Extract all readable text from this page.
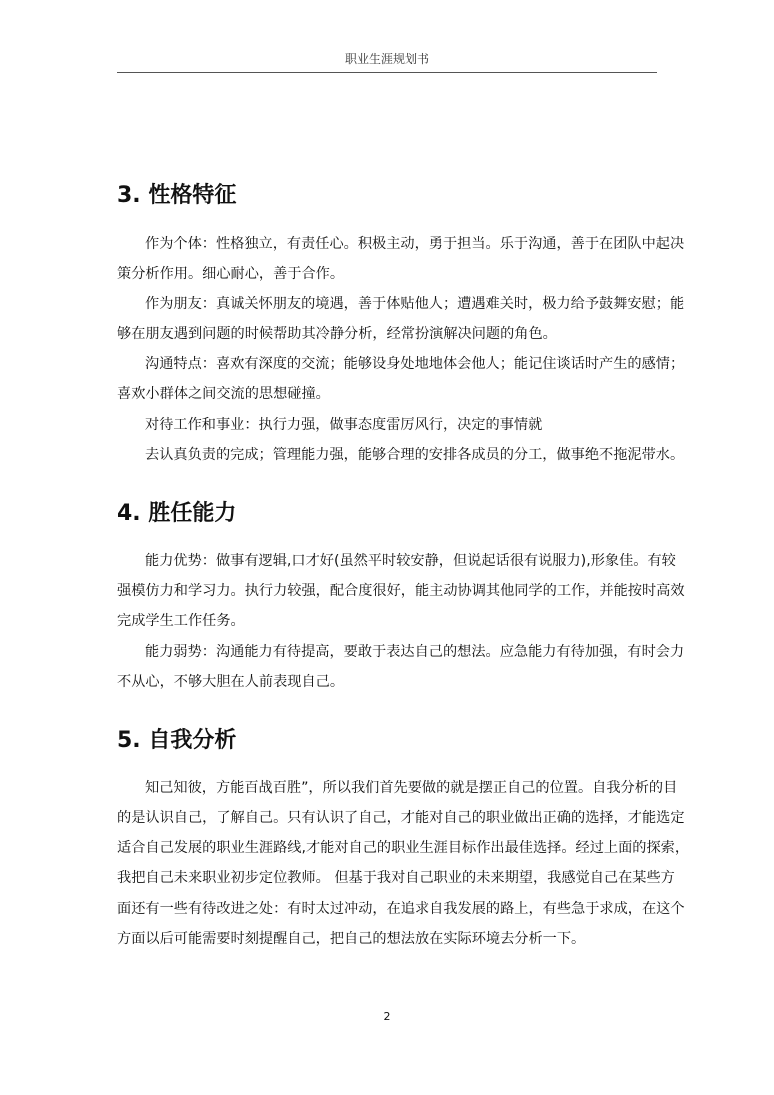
职业生涯规划书
3. 性格特征
作为个体：性格独立，有责任心。积极主动，勇于担当。乐于沟通，善于在团队中起决
策分析作用。细心耐心，善于合作。
作为朋友：真诚关怀朋友的境遇，善于体贴他人；遭遇难关时，极力给予鼓舞安慰；能
够在朋友遇到问题的时候帮助其冷静分析，经常扮演解决问题的角色。
沟通特点：喜欢有深度的交流；能够设身处地地体会他人；能记住谈话时产生的感情；
喜欢小群体之间交流的思想碰撞。
对待工作和事业：执行力强，做事态度雷厉风行，决定的事情就
去认真负责的完成；管理能力强，能够合理的安排各成员的分工，做事绝不拖泥带水。
4. 胜任能力
能力优势：做事有逻辑,口才好(虽然平时较安静，但说起话很有说服力),形象佳。有较
强模仿力和学习力。执行力较强，配合度很好，能主动协调其他同学的工作，并能按时高效
完成学生工作任务。
能力弱势：沟通能力有待提高，要敢于表达自己的想法。应急能力有待加强，有时会力
不从心，不够大胆在人前表现自己。
5. 自我分析
知己知彼，方能百战百胜”，所以我们首先要做的就是摆正自己的位置。自我分析的目
的是认识自己，了解自己。只有认识了自己，才能对自己的职业做出正确的选择，才能选定
适合自己发展的职业生涯路线,才能对自己的职业生涯目标作出最佳选择。经过上面的探索，
我把自己未来职业初步定位教师。 但基于我对自己职业的未来期望，我感觉自己在某些方
面还有一些有待改进之处：有时太过冲动，在追求自我发展的路上，有些急于求成，在这个
方面以后可能需要时刻提醒自己，把自己的想法放在实际环境去分析一下。
2
